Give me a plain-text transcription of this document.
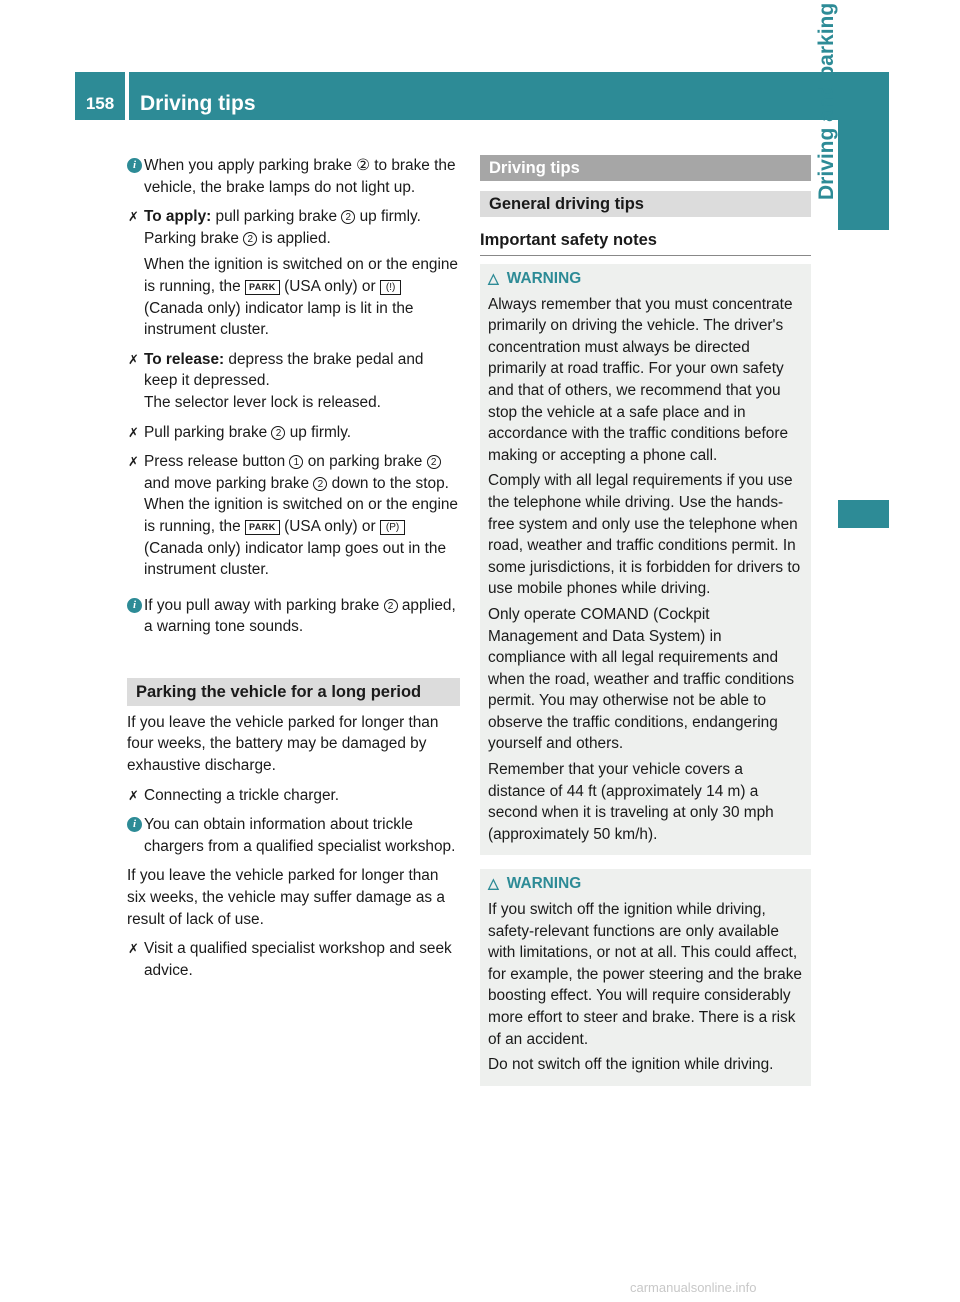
158	Driving tips	Driving and parking
i When you apply parking brake ② to brake the vehicle, the brake lamps do not light up.
✗ To apply: pull parking brake 2 up firmly.
Parking brake 2 is applied.

When the ignition is switched on or the engine is running, the PARK (USA only) or (!) (Canada only) indicator lamp is lit in the instrument cluster.

✗ To release: depress the brake pedal and keep it depressed.
The selector lever lock is released.
✗ Pull parking brake 2 up firmly.
✗ Press release button 1 on parking brake 2 and move parking brake 2 down to the stop.
When the ignition is switched on or the engine is running, the PARK (USA only) or (P) (Canada only) indicator lamp goes out in the instrument cluster.
i If you pull away with parking brake 2 applied, a warning tone sounds.
Parking the vehicle for a long period

If you leave the vehicle parked for longer than four weeks, the battery may be damaged by exhaustive discharge.

✗ Connecting a trickle charger.
i You can obtain information about trickle chargers from a qualified specialist workshop.

If you leave the vehicle parked for longer than six weeks, the vehicle may suffer damage as a result of lack of use.

✗ Visit a qualified specialist workshop and seek advice.
Driving tips
General driving tips
Important safety notes
△ WARNING

Always remember that you must concentrate primarily on driving the vehicle. The driver's concentration must always be directed primarily at road traffic. For your own safety and that of others, we recommend that you stop the vehicle at a safe place and in accordance with the traffic conditions before making or accepting a phone call.

Comply with all legal requirements if you use the telephone while driving. Use the hands-free system and only use the telephone when road, weather and traffic conditions permit. In some jurisdictions, it is forbidden for drivers to use mobile phones while driving.

Only operate COMAND (Cockpit Management and Data System) in compliance with all legal requirements and when the road, weather and traffic conditions permit. You may otherwise not be able to observe the traffic conditions, endangering yourself and others.

Remember that your vehicle covers a distance of 44 ft (approximately 14 m) a second when it is traveling at only 30 mph (approximately 50 km/h).

△ WARNING

If you switch off the ignition while driving, safety-relevant functions are only available with limitations, or not at all. This could affect, for example, the power steering and the brake boosting effect. You will require considerably more effort to steer and brake. There is a risk of an accident.

Do not switch off the ignition while driving.

carmanualsonline.info
